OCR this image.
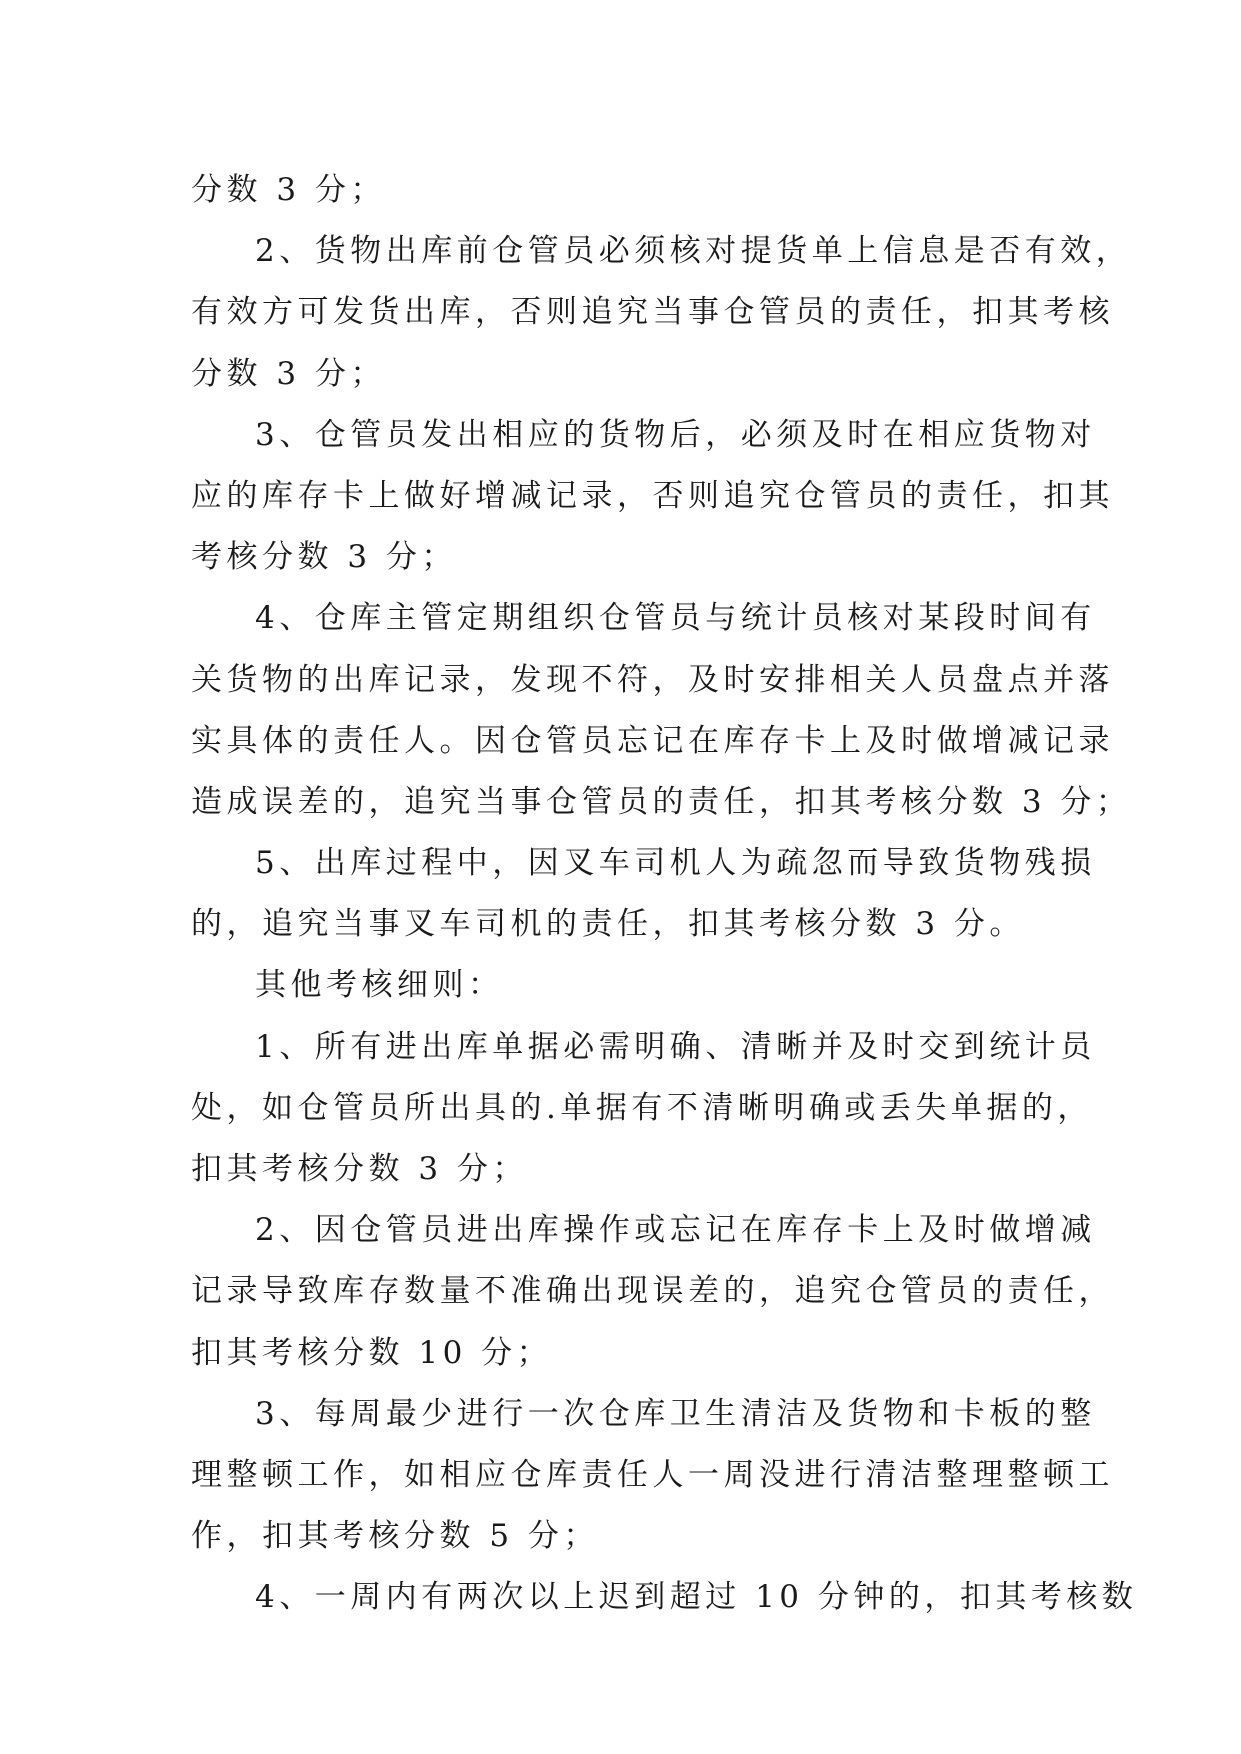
分数 3 分；
2、货物出库前仓管员必须核对提货单上信息是否有效，
有效方可发货出库，否则追究当事仓管员的责任，扣其考核
分数 3 分；
3、仓管员发出相应的货物后，必须及时在相应货物对
应的库存卡上做好增减记录，否则追究仓管员的责任，扣其
考核分数 3 分；
4、仓库主管定期组织仓管员与统计员核对某段时间有
关货物的出库记录，发现不符，及时安排相关人员盘点并落
实具体的责任人。因仓管员忘记在库存卡上及时做增减记录
造成误差的，追究当事仓管员的责任，扣其考核分数 3 分；
5、出库过程中，因叉车司机人为疏忽而导致货物残损
的，追究当事叉车司机的责任，扣其考核分数 3 分。
其他考核细则：
1、所有进出库单据必需明确、清晰并及时交到统计员
处，如仓管员所出具的.单据有不清晰明确或丢失单据的，
扣其考核分数 3 分；
2、因仓管员进出库操作或忘记在库存卡上及时做增减
记录导致库存数量不准确出现误差的，追究仓管员的责任，
扣其考核分数 10 分；
3、每周最少进行一次仓库卫生清洁及货物和卡板的整
理整顿工作，如相应仓库责任人一周没进行清洁整理整顿工
作，扣其考核分数 5 分；
4、一周内有两次以上迟到超过 10 分钟的，扣其考核数
